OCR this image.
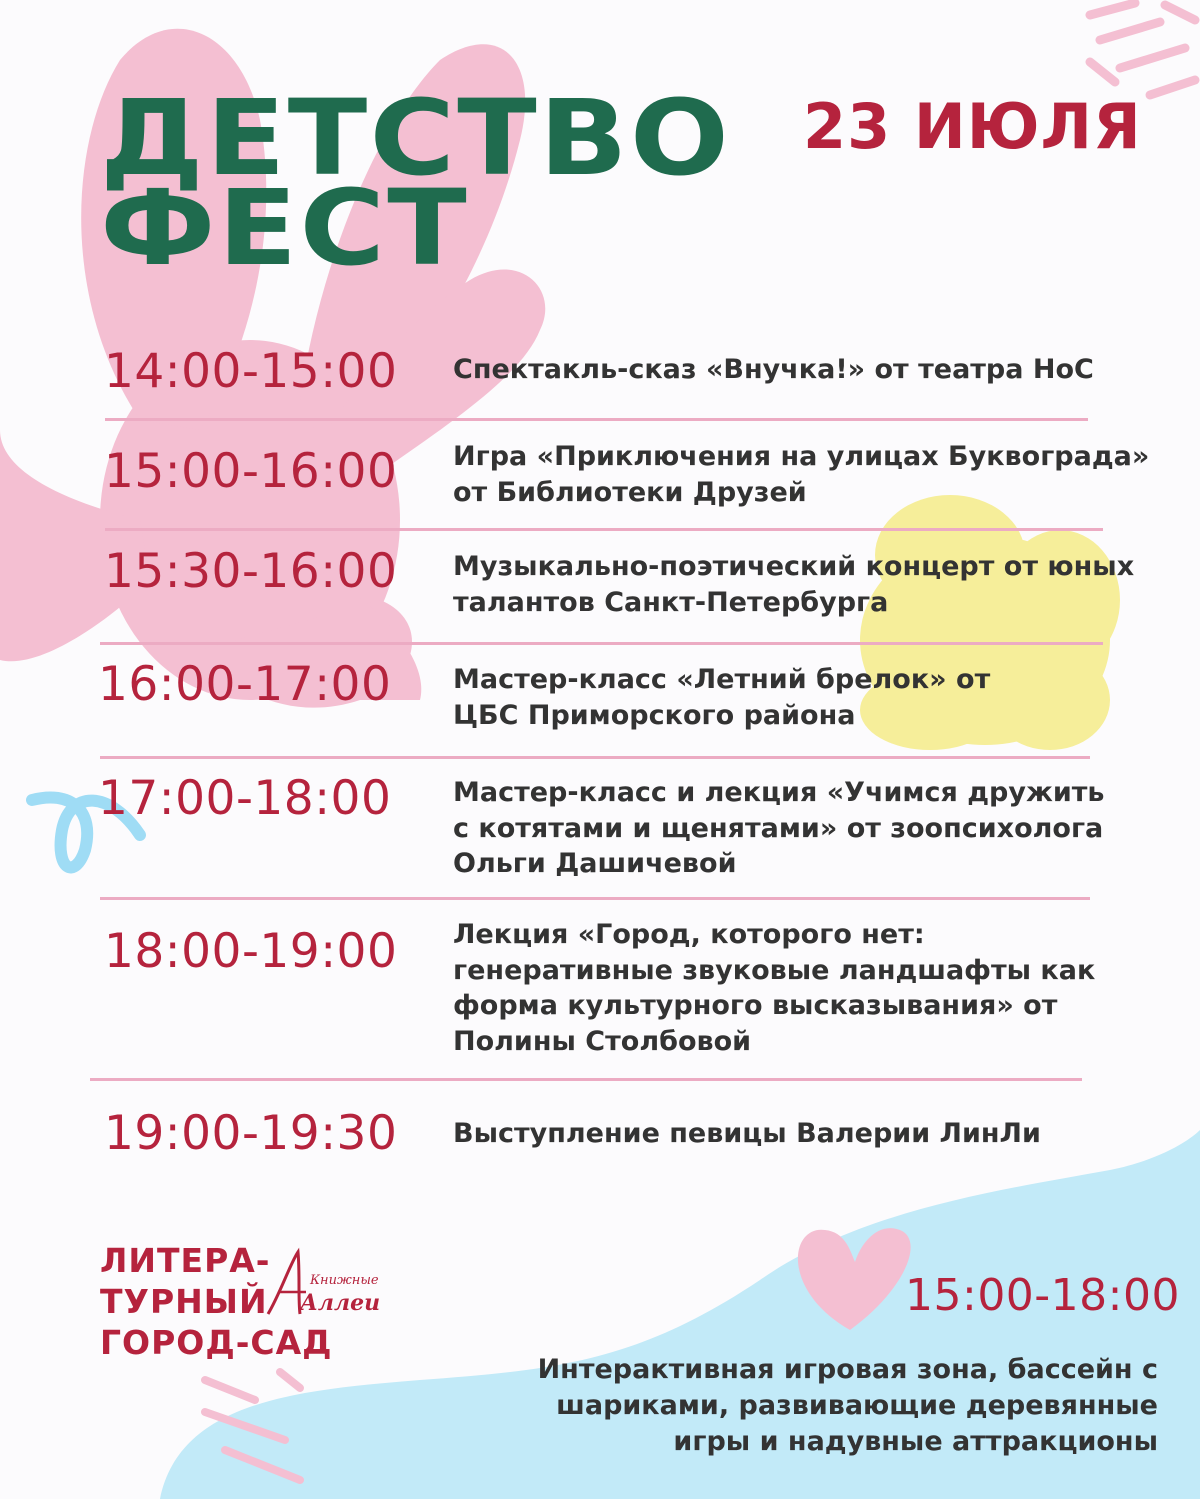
ДЕТСТВО
ФЕСТ
23 ИЮЛЯ
14:00-15:00 Спектакль-сказ «Внучка!» от театра НоС
15:00-16:00 Игра «Приключения на улицах Буквограда»
от Библиотеки Друзей
15:30-16:00 Музыкально-поэтический концерт от юных
талантов Санкт-Петербурга
16:00-17:00 Мастер-класс «Летний брелок» от
ЦБС Приморского района
17:00-18:00 Мастер-класс и лекция «Учимся дружить
с котятами и щенятами» от зоопсихолога
Ольги Дашичевой
18:00-19:00 Лекция «Город, которого нет:
генеративные звуковые ландшафты как
форма культурного высказывания» от
Полины Столбовой
19:00-19:30 Выступление певицы Валерии ЛинЛи
ЛИТЕРА-
ТУРНЫЙ
ГОРОД-САД
Книжные
Аллеи	15:00-18:00
Интерактивная игровая зона, бассейн с
шариками, развивающие деревянные
игры и надувные аттракционы
